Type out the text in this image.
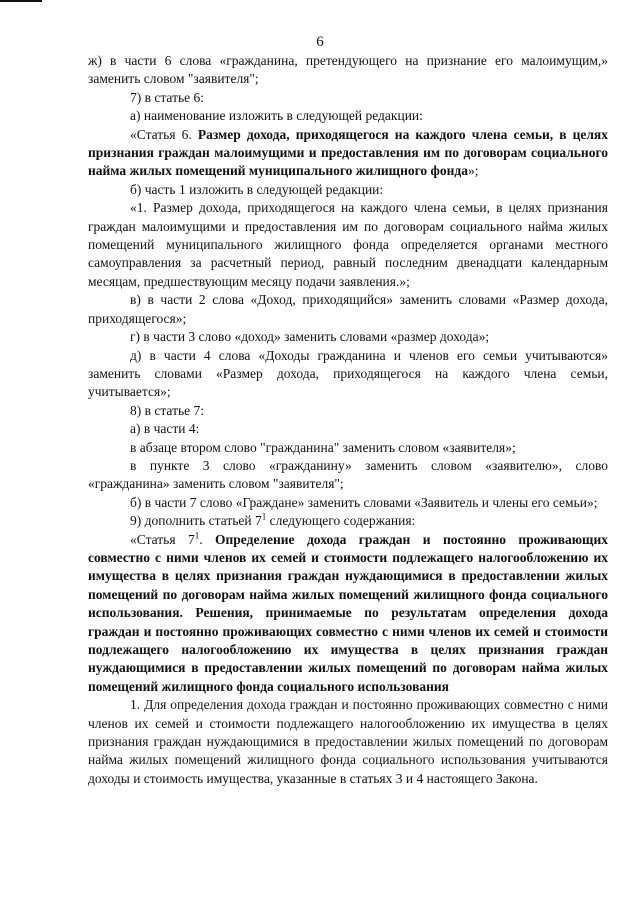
6

ж) в части 6 слова «гражданина, претендующего на признание его малоимущим,» заменить словом "заявителя";

7) в статье 6:

а) наименование изложить в следующей редакции:

«Статья 6. Размер дохода, приходящегося на каждого члена семьи, в целях признания граждан малоимущими и предоставления им по договорам социального найма жилых помещений муниципального жилищного фонда»;

б) часть 1 изложить в следующей редакции:

«1. Размер дохода, приходящегося на каждого члена семьи, в целях признания граждан малоимущими и предоставления им по договорам социального найма жилых помещений муниципального жилищного фонда определяется органами местного самоуправления за расчетный период, равный последним двенадцати календарным месяцам, предшествующим месяцу подачи заявления.»;

в) в части 2 слова «Доход, приходящийся» заменить словами «Размер дохода, приходящегося»;

г) в части 3 слово «доход» заменить словами «размер дохода»;

д) в части 4 слова «Доходы гражданина и членов его семьи учитываются» заменить словами «Размер дохода, приходящегося на каждого члена семьи, учитывается»;

8) в статье 7:

а) в части 4:

в абзаце втором слово "гражданина" заменить словом «заявителя»;

в пункте 3 слово «гражданину» заменить словом «заявителю», слово «гражданина» заменить словом "заявителя";

б) в части 7 слово «Граждане» заменить словами «Заявитель и члены его семьи»;

9) дополнить статьей $7^1$ следующего содержания:

«Статья $7^1$. Определение дохода граждан и постоянно проживающих совместно с ними членов их семей и стоимости подлежащего налогообложению их имущества в целях признания граждан нуждающимися в предоставлении жилых помещений по договорам найма жилых помещений жилищного фонда социального использования. Решения, принимаемые по результатам определения дохода граждан и постоянно проживающих совместно с ними членов их семей и стоимости подлежащего налогообложению их имущества в целях признания граждан нуждающимися в предоставлении жилых помещений по договорам найма жилых помещений жилищного фонда социального использования

1. Для определения дохода граждан и постоянно проживающих совместно с ними членов их семей и стоимости подлежащего налогообложению их имущества в целях признания граждан нуждающимися в предоставлении жилых помещений по договорам найма жилых помещений жилищного фонда социального использования учитываются доходы и стоимость имущества, указанные в статьях 3 и 4 настоящего Закона.
